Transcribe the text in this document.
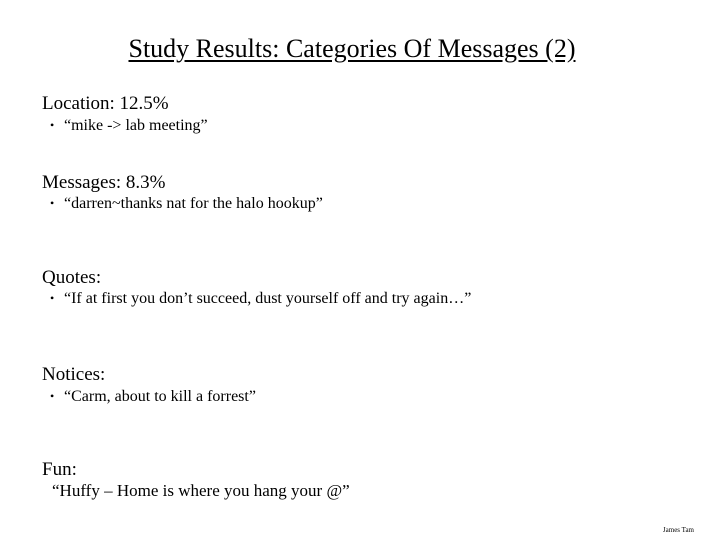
Study Results: Categories Of Messages (2)
Location: 12.5%
• “mike -> lab meeting”
Messages: 8.3%
• “darren~thanks nat for the halo hookup”
Quotes:
• “If at first you don’t succeed, dust yourself off and try again…”
Notices:
• “Carm, about to kill a forrest”
Fun:
“Huffy – Home is where you hang your @”
James Tam
